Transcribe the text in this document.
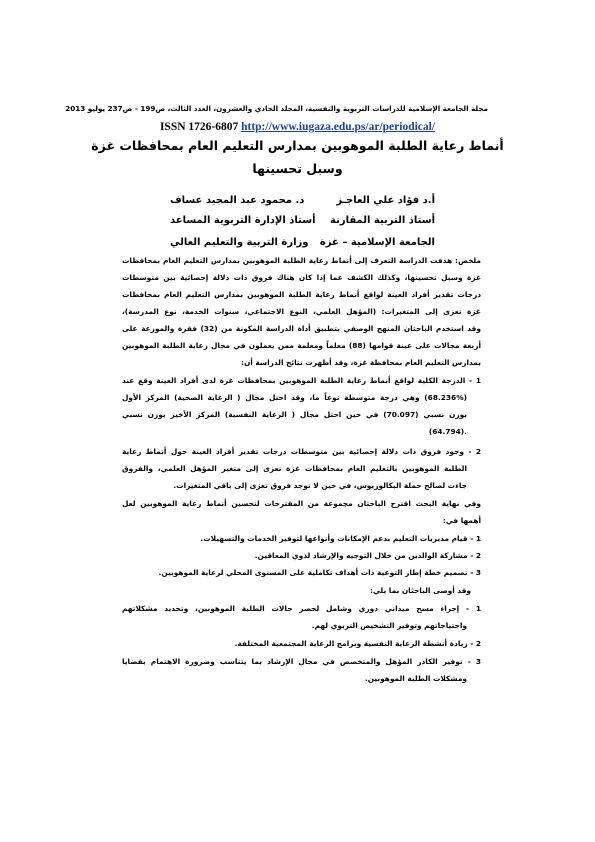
مجلة الجامعة الإسلامية للدراسات التربوية والنفسية، المجلد الحادي والعشرون، العدد الثالث، ص199 - ص237 يوليو 2013
ISSN 1726-6807 http://www.iugaza.edu.ps/ar/periodical/
أنماط رعاية الطلبة الموهوبين بمدارس التعليم العام بمحافظات غزة
وسبل تحسينها
أ.د فؤاد علي العاجـز
د. محمود عبد المجيد عساف
أستاذ التربية المقارنة
أستاذ الإدارة التربوية المساعد
الجامعة الإسلامية – غزة
وزارة التربية والتعليم العالي
ملخص: هدفت الدراسة التعرف إلى أنماط رعاية الطلبة الموهوبين بمدارس التعليم العام بمحافظات
غزة وسبل تحسينها، وكذلك الكشف عما إذا كان هناك فروق ذات دلالة إحصائية بين متوسطات
درجات تقدير أفراد العينة لواقع أنماط رعاية الطلبة الموهوبين بمدارس التعليم العام بمحافظات
غزة تعزى إلى المتغيرات: (المؤهل العلمي، النوع الاجتماعي، سنوات الخدمة، نوع المدرسة)،
وقد استخدم الباحثان المنهج الوصفي بتطبيق أداة الدراسة المكونة من (32) فقرة والموزعة على
أربعة مجالات على عينة قوامها (88) معلماً ومعلمة ممن يعملون في مجال رعاية الطلبة الموهوبين
بمدارس التعليم العام بمحافظة غزة، وقد أظهرت نتائج الدراسة أن:
1 - الدرجة الكلية لواقع أنماط رعاية الطلبة الموهوبين بمحافظات غزة لدى أفراد العينة وقع عند
(68.236%) وهي درجة متوسطة نوعاً ما، وقد احتل مجال ( الرعاية الصحية) المركز الأول
بوزن نسبي (70.097) في حين احتل مجال ( الرعاية النفسية) المركز الأخير بوزن نسبي
(64.794).
2 - وجود فروق ذات دلالة إحصائية بين متوسطات درجات تقدير أفراد العينة حول أنماط رعاية
الطلبة الموهوبين بالتعليم العام بمحافظات غزة تعزى إلى متغير المؤهل العلمي، والفروق
جاءت لصالح حملة البكالوريوس، في حين لا توجد فروق تعزى إلى باقي المتغيرات.
وفي نهاية البحث اقترح الباحثان مجموعة من المقترحات لتحسين أنماط رعاية الموهوبين لعل
أهمها في:
1 - قيام مديريات التعليم بدعم الإمكانات وأنواعها لتوفير الخدمات والتسهيلات.
2 - مشاركة الوالدين من خلال التوجيه والإرشاد لذوي المعاقين.
3 - تصميم خطة إطار التوعية ذات أهداف تكاملية على المستوى المحلي لرعاية الموهوبين.
وقد أوصى الباحثان بما يلي:
1 - إجراء مسح ميداني دوري وشامل لحصر حالات الطلبة الموهوبين، وتحديد مشكلاتهم
واحتياجاتهم وتوفير التشخيص التربوي لهم.
2 - زيادة أنشطة الرعاية النفسية وبرامج الرعاية المجتمعية المختلفة.
3 - توفير الكادر المؤهل والمتخصص في مجال الإرشاد بما يتناسب وضرورة الاهتمام بقضايا
ومشكلات الطلبة الموهوبين.
